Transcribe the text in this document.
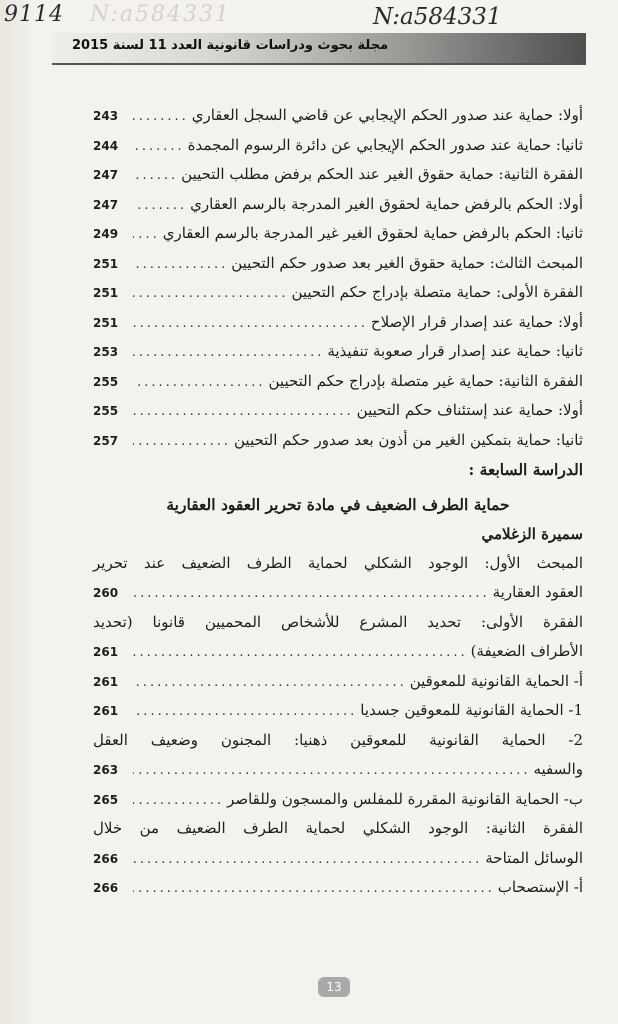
9114 N:a584331	N:a584331
مجلة بحوث ودراسات قانونية العدد 11 لسنة 2015
أولا: حماية عند صدور الحكم الإيجابي عن قاضي السجل العقاري
.....
243
ثانيا: حماية عند صدور الحكم الإيجابي عن دائرة الرسوم المجمدة
.....
244
الفقرة الثانية: حماية حقوق الغير عند الحكم برفض مطلب التحيين
.....
247
أولا: الحكم بالرفض حماية لحقوق الغير المدرجة بالرسم العقاري
.....
247
ثانيا: الحكم بالرفض حماية لحقوق الغير غير المدرجة بالرسم العقاري
.....
249
المبحث الثالث: حماية حقوق الغير بعد صدور حكم التحيين
.....
251
الفقرة الأولى: حماية متصلة بإدراج حكم التحيين
.....
251
أولا: حماية عند إصدار قرار الإصلاح
.....
251
ثانيا: حماية عند إصدار قرار صعوبة تنفيذية
.....
253
الفقرة الثانية: حماية غير متصلة بإدراج حكم التحيين
.....
255
أولا: حماية عند إستئناف حكم التحيين
.....
255
ثانيا: حماية بتمكين الغير من أذون بعد صدور حكم التحيين
.....
257
الدراسة السابعة :
حماية الطرف الضعيف في مادة تحرير العقود العقارية
سميرة الزغلامي
المبحث الأول: الوجود الشكلي لحماية الطرف الضعيف عند تحرير
العقود العقارية
.....
260
الفقرة الأولى: تحديد المشرع للأشخاص المحميين قانونا (تحديد
الأطراف الضعيفة)
.....
261
أ- الحماية القانونية للمعوقين
.....
261
1- الحماية القانونية للمعوقين جسديا
.....
261
2- الحماية القانونية للمعوقين ذهنيا: المجنون وضعيف العقل
والسفيه
.....
263
ب- الحماية القانونية المقررة للمفلس والمسجون وللقاصر
.....
265
الفقرة الثانية: الوجود الشكلي لحماية الطرف الضعيف من خلال
الوسائل المتاحة
.....
266
أ- الإستصحاب
.....
266
13
